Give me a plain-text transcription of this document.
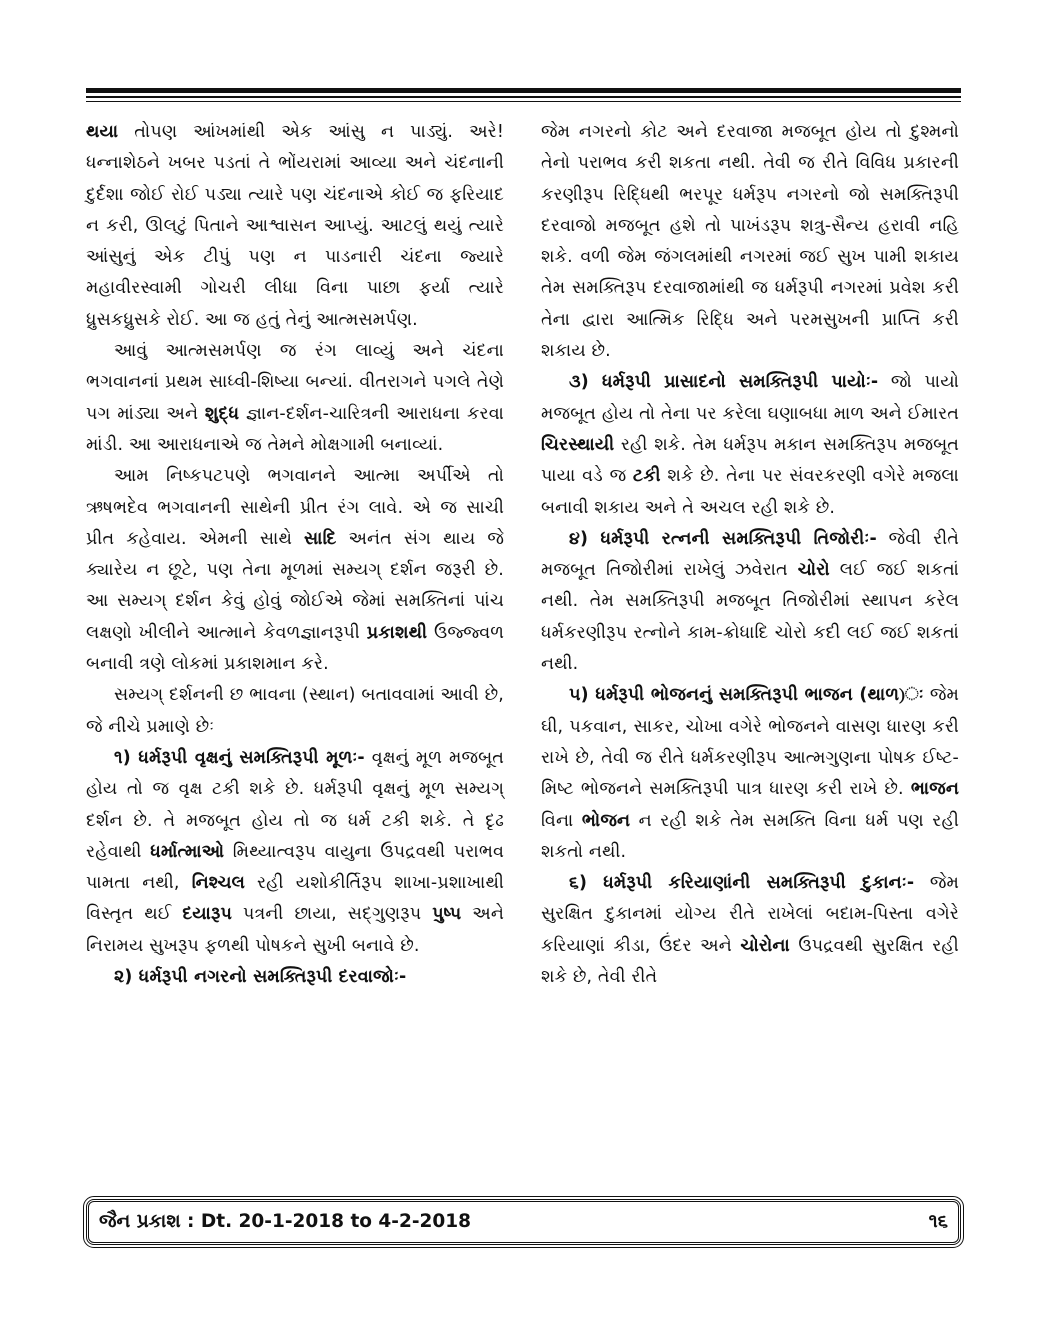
થયા તોપણ આંખમાંથી એક આંસુ ન પાડ્યું. અરે! ધન્નાશેઠને ખબર પડતાં તે ભોંયરામાં આવ્યા અને ચંદનાની દુર્દશા જોઈ રોઈ પડ્યા ત્યારે પણ ચંદનાએ કોઈ જ ફરિયાદ ન કરી, ઊલટું પિતાને આશ્વાસન આપ્યું. આટલું થયું ત્યારે આંસુનું એક ટીપું પણ ન પાડનારી ચંદના જ્યારે મહાવીરસ્વામી ગોચરી લીધા વિના પાછા ફર્યા ત્યારે ધ્રુસકધ્રુસકે રોઈ. આ જ હતું તેનું આત્મસમર્પણ.

આવું આત્મસમર્પણ જ રંગ લાવ્યું અને ચંદના ભગવાનનાં પ્રથમ સાધ્વી-શિષ્યા બન્યાં. વીતરાગને પગલે તેણે પગ માંડ્યા અને શુદ્ધ જ્ઞાન-દર્શન-ચારિત્રની આરાધના કરવા માંડી. આ આરાધનાએ જ તેમને મોક્ષગામી બનાવ્યાં.

આમ નિષ્કપટપણે ભગવાનને આત્મા અર્પીએ તો ઋષભદેવ ભગવાનની સાથેની પ્રીત રંગ લાવે. એ જ સાચી પ્રીત કહેવાય. એમની સાથે સાદિ અનંત સંગ થાય જે ક્યારેય ન છૂટે, પણ તેના મૂળમાં સમ્યગ્ દર્શન જરૂરી છે. આ સમ્યગ્ દર્શન કેવું હોવું જોઈએ જેમાં સમક્તિનાં પાંચ લક્ષણો ખીલીને આત્માને કેવળજ્ઞાનરૂપી પ્રકાશથી ઉજ્જ્વળ બનાવી ત્રણે લોકમાં પ્રકાશમાન કરે.

સમ્યગ્ દર્શનની છ ભાવના (સ્થાન) બતાવવામાં આવી છે, જે નીચે પ્રમાણે છેઃ

૧) ધર્મરૂપી વૃક્ષનું સમક્તિરૂપી મૂળઃ- વૃક્ષનું મૂળ મજબૂત હોય તો જ વૃક્ષ ટકી શકે છે. ધર્મરૂપી વૃક્ષનું મૂળ સમ્યગ્ દર્શન છે. તે મજબૂત હોય તો જ ધર્મ ટકી શકે. તે દૃઢ રહેવાથી ધર્માત્માઓ મિથ્યાત્વરૂપ વાયુના ઉપદ્રવથી પરાભવ પામતા નથી, નિશ્ચલ રહી યશોકીર્તિરૂપ શાખા-પ્રશાખાથી વિસ્તૃત થઈ દયારૂપ પત્રની છાયા, સદ્ગુણરૂપ પુષ્પ અને નિરામય સુખરૂપ ફળથી પોષકને સુખી બનાવે છે.

૨) ધર્મરૂપી નગરનો સમક્તિરૂપી દરવાજોઃ-

જેમ નગરનો કોટ અને દરવાજા મજબૂત હોય તો દુશ્મનો તેનો પરાભવ કરી શકતા નથી. તેવી જ રીતે વિવિધ પ્રકારની કરણીરૂપ રિદ્ધિથી ભરપૂર ધર્મરૂપ નગરનો જો સમક્તિરૂપી દરવાજો મજબૂત હશે તો પાખંડરૂપ શત્રુ-સૈન્ય હરાવી નહિ શકે. વળી જેમ જંગલમાંથી નગરમાં જઈ સુખ પામી શકાય તેમ સમક્તિરૂપ દરવાજામાંથી જ ધર્મરૂપી નગરમાં પ્રવેશ કરી તેના દ્વારા આત્મિક રિદ્ધિ અને પરમસુખની પ્રાપ્તિ કરી શકાય છે.

૩) ધર્મરૂપી પ્રાસાદનો સમક્તિરૂપી પાયોઃ- જો પાયો મજબૂત હોય તો તેના પર કરેલા ઘણાબધા માળ અને ઈમારત ચિરસ્થાયી રહી શકે. તેમ ધર્મરૂપ મકાન સમક્તિરૂપ મજબૂત પાયા વડે જ ટકી શકે છે. તેના પર સંવરકરણી વગેરે મજલા બનાવી શકાય અને તે અચલ રહી શકે છે.

૪) ધર્મરૂપી રત્નની સમક્તિરૂપી તિજોરીઃ- જેવી રીતે મજબૂત તિજોરીમાં રાખેલું ઝવેરાત ચોરો લઈ જઈ શકતાં નથી. તેમ સમક્તિરૂપી મજબૂત તિજોરીમાં સ્થાપન કરેલ ધર્મકરણીરૂપ રત્નોને કામ-ક્રોધાદિ ચોરો કદી લઈ જઈ શકતાં નથી.

૫) ધર્મરૂપી ભોજનનું સમક્તિરૂપી ભાજન (થાળ)ઃ જેમ ઘી, પકવાન, સાકર, ચોખા વગેરે ભોજનને વાસણ ધારણ કરી રાખે છે, તેવી જ રીતે ધર્મકરણીરૂપ આત્મગુણના પોષક ઈષ્ટ-મિષ્ટ ભોજનને સમક્તિરૂપી પાત્ર ધારણ કરી રાખે છે. ભાજન વિના ભોજન ન રહી શકે તેમ સમક્તિ વિના ધર્મ પણ રહી શકતો નથી.

૬) ધર્મરૂપી કરિયાણાંની સમક્તિરૂપી દુકાનઃ- જેમ સુરક્ષિત દુકાનમાં યોગ્ય રીતે રાખેલાં બદામ-પિસ્તા વગેરે કરિયાણાં કીડા, ઉંદર અને ચોરોના ઉપદ્રવથી સુરક્ષિત રહી શકે છે, તેવી રીતે

જૈન પ્રકાશ : Dt. 20-1-2018 to 4-2-2018	૧૬
